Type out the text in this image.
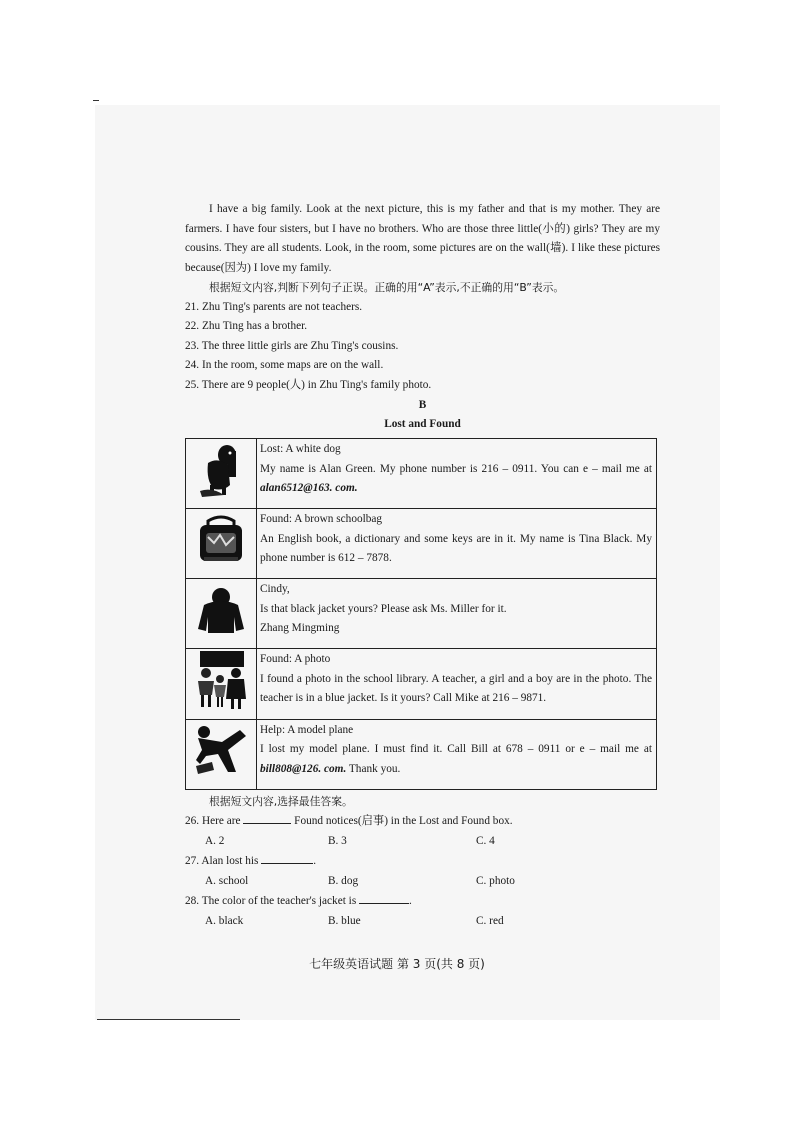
I have a big family. Look at the next picture, this is my father and that is my mother. They are farmers. I have four sisters, but I have no brothers. Who are those three little(小的) girls? They are my cousins. They are all students. Look, in the room, some pictures are on the wall(墙). I like these pictures because(因为) I love my family.

根据短文内容,判断下列句子正误。正确的用“A”表示,不正确的用“B”表示。

21. Zhu Ting's parents are not teachers.

22. Zhu Ting has a brother.

23. The three little girls are Zhu Ting's cousins.

24. In the room, some maps are on the wall.

25. There are 9 people(人) in Zhu Ting's family photo.

B
Lost and Found

Lost: A white dog

My name is Alan Green. My phone number is 216 – 0911. You can e – mail me at alan6512@163. com.

Found: A brown schoolbag

An English book, a dictionary and some keys are in it. My name is Tina Black. My phone number is 612 – 7878.

Cindy,

Is that black jacket yours? Please ask Ms. Miller for it.

Zhang Mingming

Found: A photo

I found a photo in the school library. A teacher, a girl and a boy are in the photo. The teacher is in a blue jacket. Is it yours? Call Mike at 216 – 9871.

Help: A model plane

I lost my model plane. I must find it. Call Bill at 678 – 0911 or e – mail me at bill808@126. com. Thank you.

根据短文内容,选择最佳答案。

26. Here are	Found notices(启事) in the Lost and Found box.

A. 2	B. 3	C. 4

27. Alan lost his	.

A. school	B. dog	C. photo

28. The color of the teacher's jacket is	.

A. black	B. blue	C. red
七年级英语试题 第 3 页(共 8 页)
